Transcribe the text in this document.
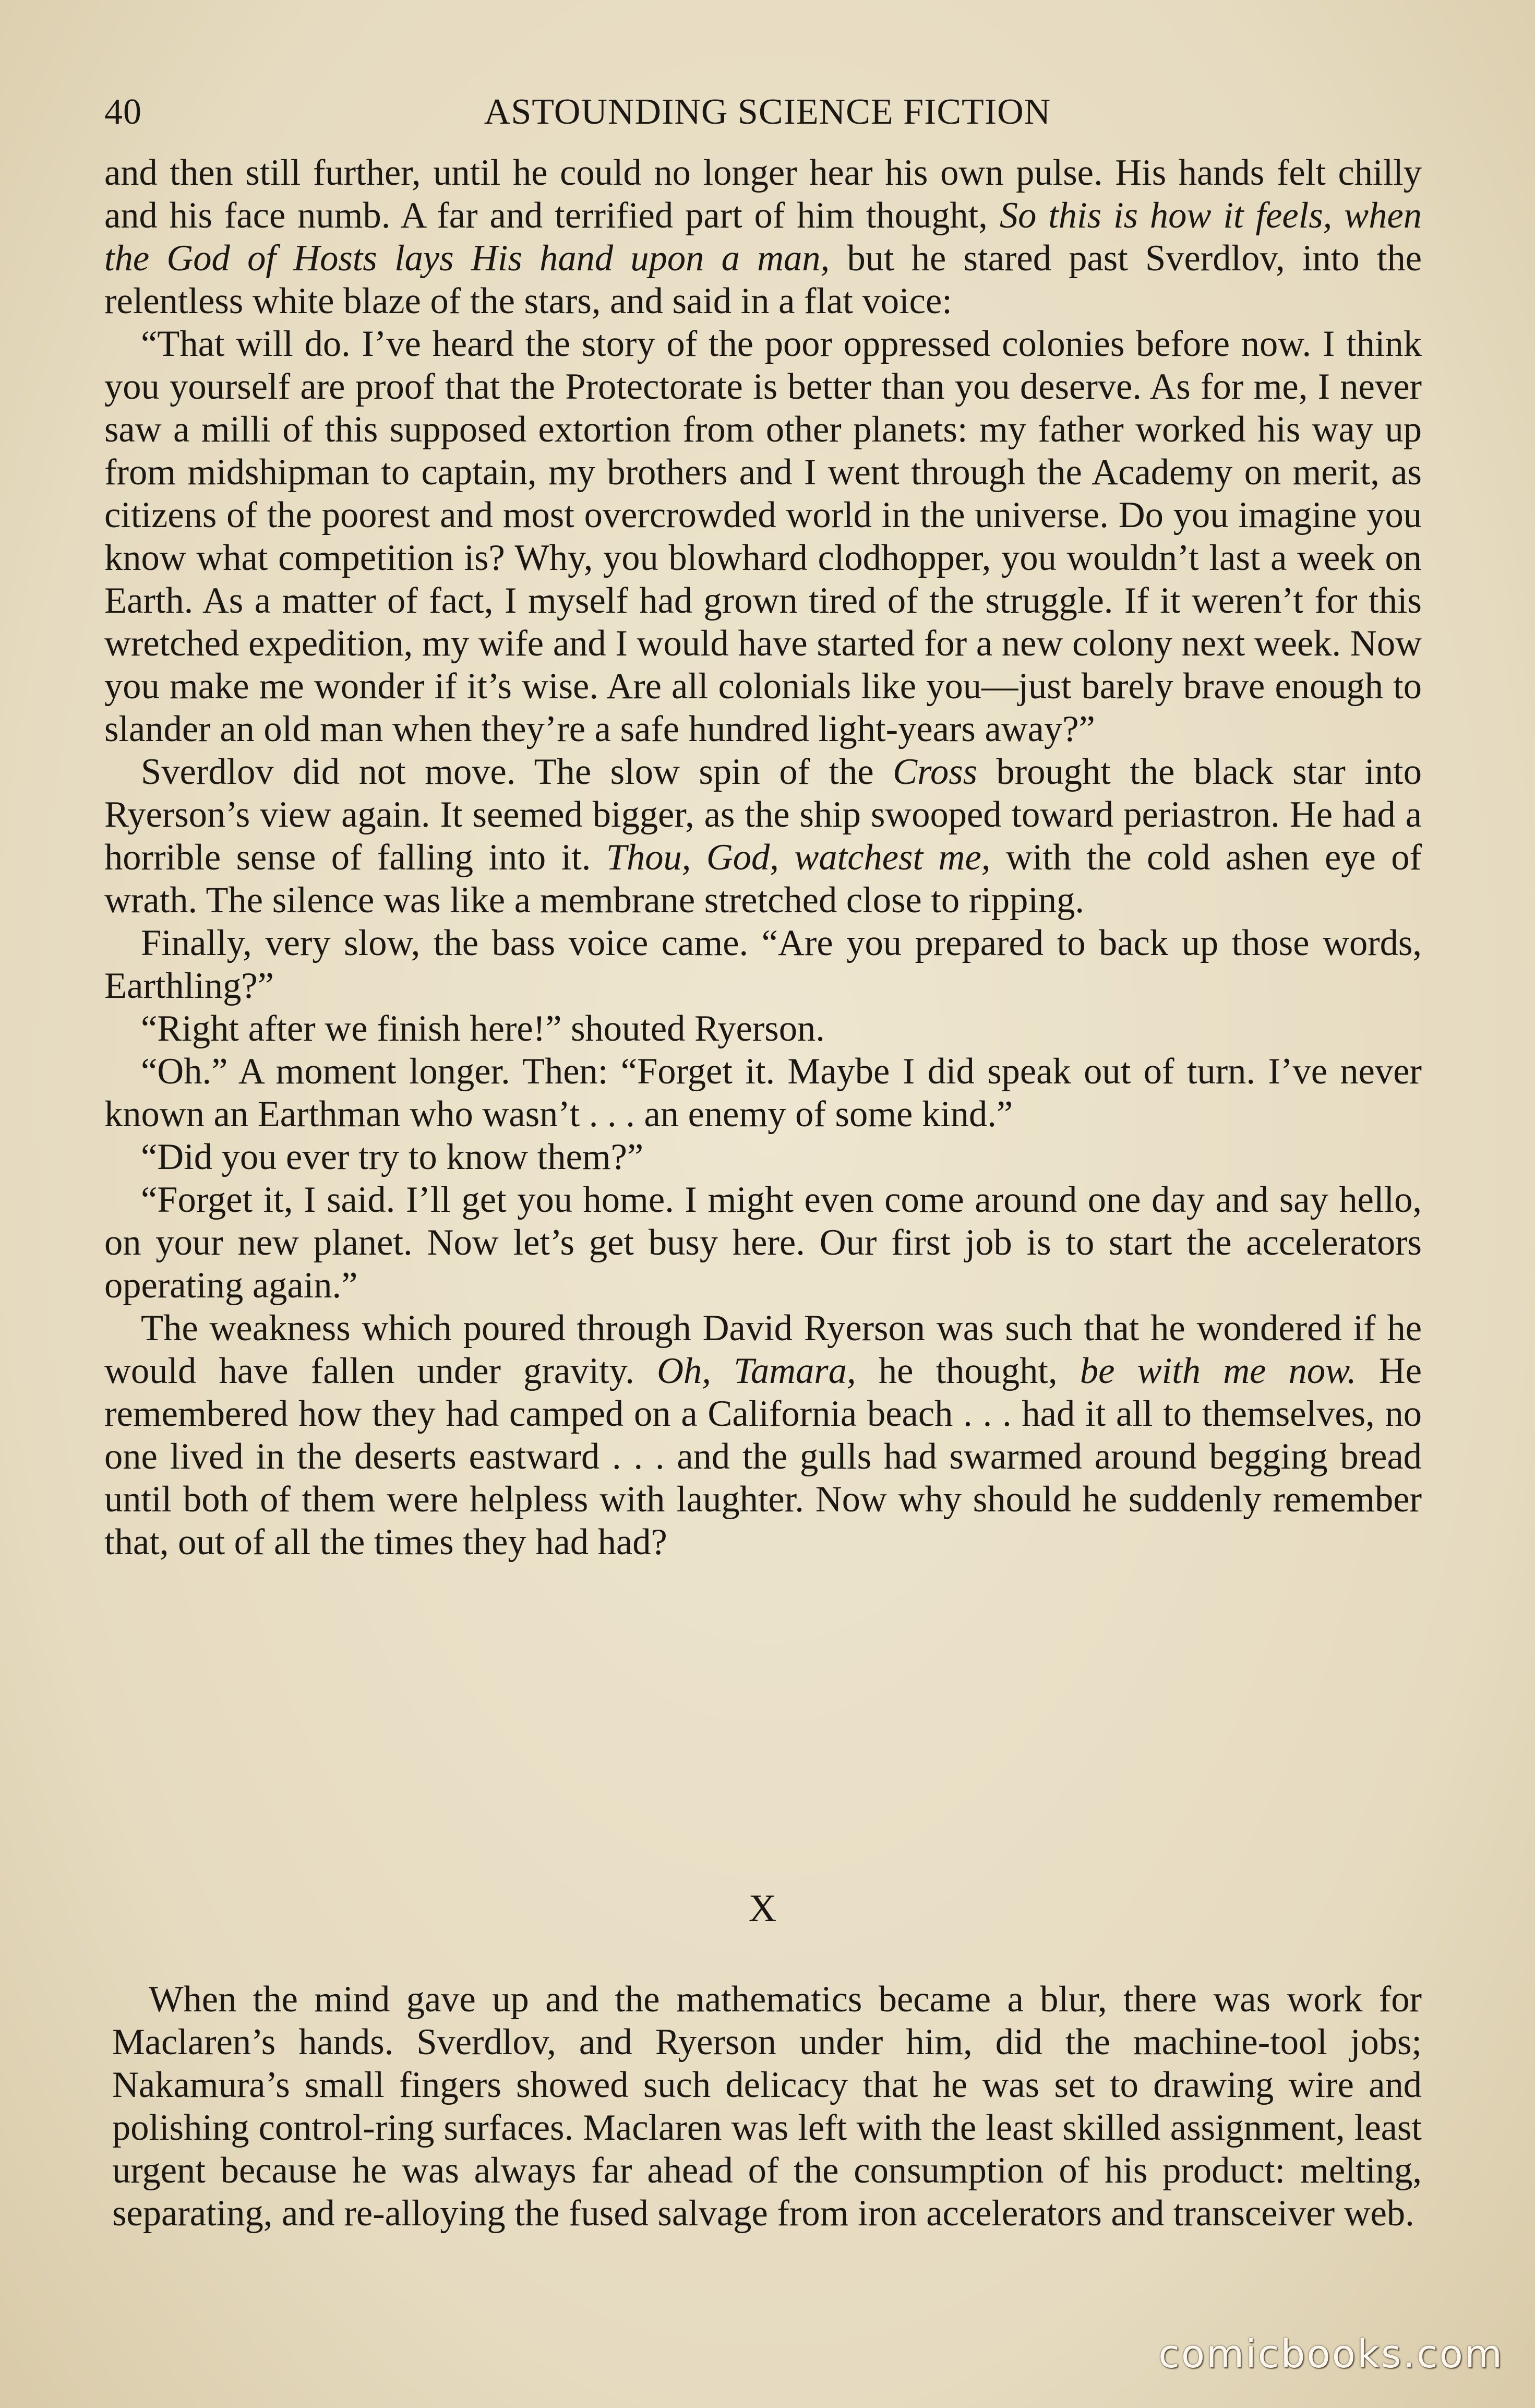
40	ASTOUNDING SCIENCE FICTION

and then still further, until he could no longer hear his own pulse. His hands felt chilly and his face numb. A far and terrified part of him thought, So this is how it feels, when the God of Hosts lays His hand upon a man, but he stared past Sverdlov, into the relentless white blaze of the stars, and said in a flat voice:

“That will do. I’ve heard the story of the poor oppressed colonies before now. I think you yourself are proof that the Protectorate is better than you deserve. As for me, I never saw a milli of this supposed extortion from other planets: my father worked his way up from midshipman to captain, my brothers and I went through the Academy on merit, as citizens of the poorest and most overcrowded world in the universe. Do you imagine you know what competition is? Why, you blowhard clodhopper, you wouldn’t last a week on Earth. As a matter of fact, I myself had grown tired of the struggle. If it weren’t for this wretched expedition, my wife and I would have started for a new colony next week. Now you make me wonder if it’s wise. Are all colonials like you—just barely brave enough to slander an old man when they’re a safe hundred light-years away?”

Sverdlov did not move. The slow spin of the Cross brought the black star into Ryerson’s view again. It seemed bigger, as the ship swooped toward periastron. He had a horrible sense of falling into it. Thou, God, watchest me, with the cold ashen eye of wrath. The silence was like a membrane stretched close to ripping.

Finally, very slow, the bass voice came. “Are you prepared to back up those words, Earthling?”

“Right after we finish here!” shouted Ryerson.

“Oh.” A moment longer. Then: “Forget it. Maybe I did speak out of turn. I’ve never known an Earthman who wasn’t . . . an enemy of some kind.”

“Did you ever try to know them?”

“Forget it, I said. I’ll get you home. I might even come around one day and say hello, on your new planet. Now let’s get busy here. Our first job is to start the accelerators operating again.”

The weakness which poured through David Ryerson was such that he wondered if he would have fallen under gravity. Oh, Tamara, he thought, be with me now. He remembered how they had camped on a California beach . . . had it all to themselves, no one lived in the deserts eastward . . . and the gulls had swarmed around begging bread until both of them were helpless with laughter. Now why should he suddenly remember that, out of all the times they had had?

X

When the mind gave up and the mathematics became a blur, there was work for Maclaren’s hands. Sverdlov, and Ryerson under him, did the machine-tool jobs; Nakamura’s small fingers showed such delicacy that he was set to drawing wire and polishing control-ring surfaces. Maclaren was left with the least skilled assignment, least urgent because he was always far ahead of the consumption of his product: melting, separating, and re-alloying the fused salvage from iron accelerators and transceiver web.

comicbooks.com
